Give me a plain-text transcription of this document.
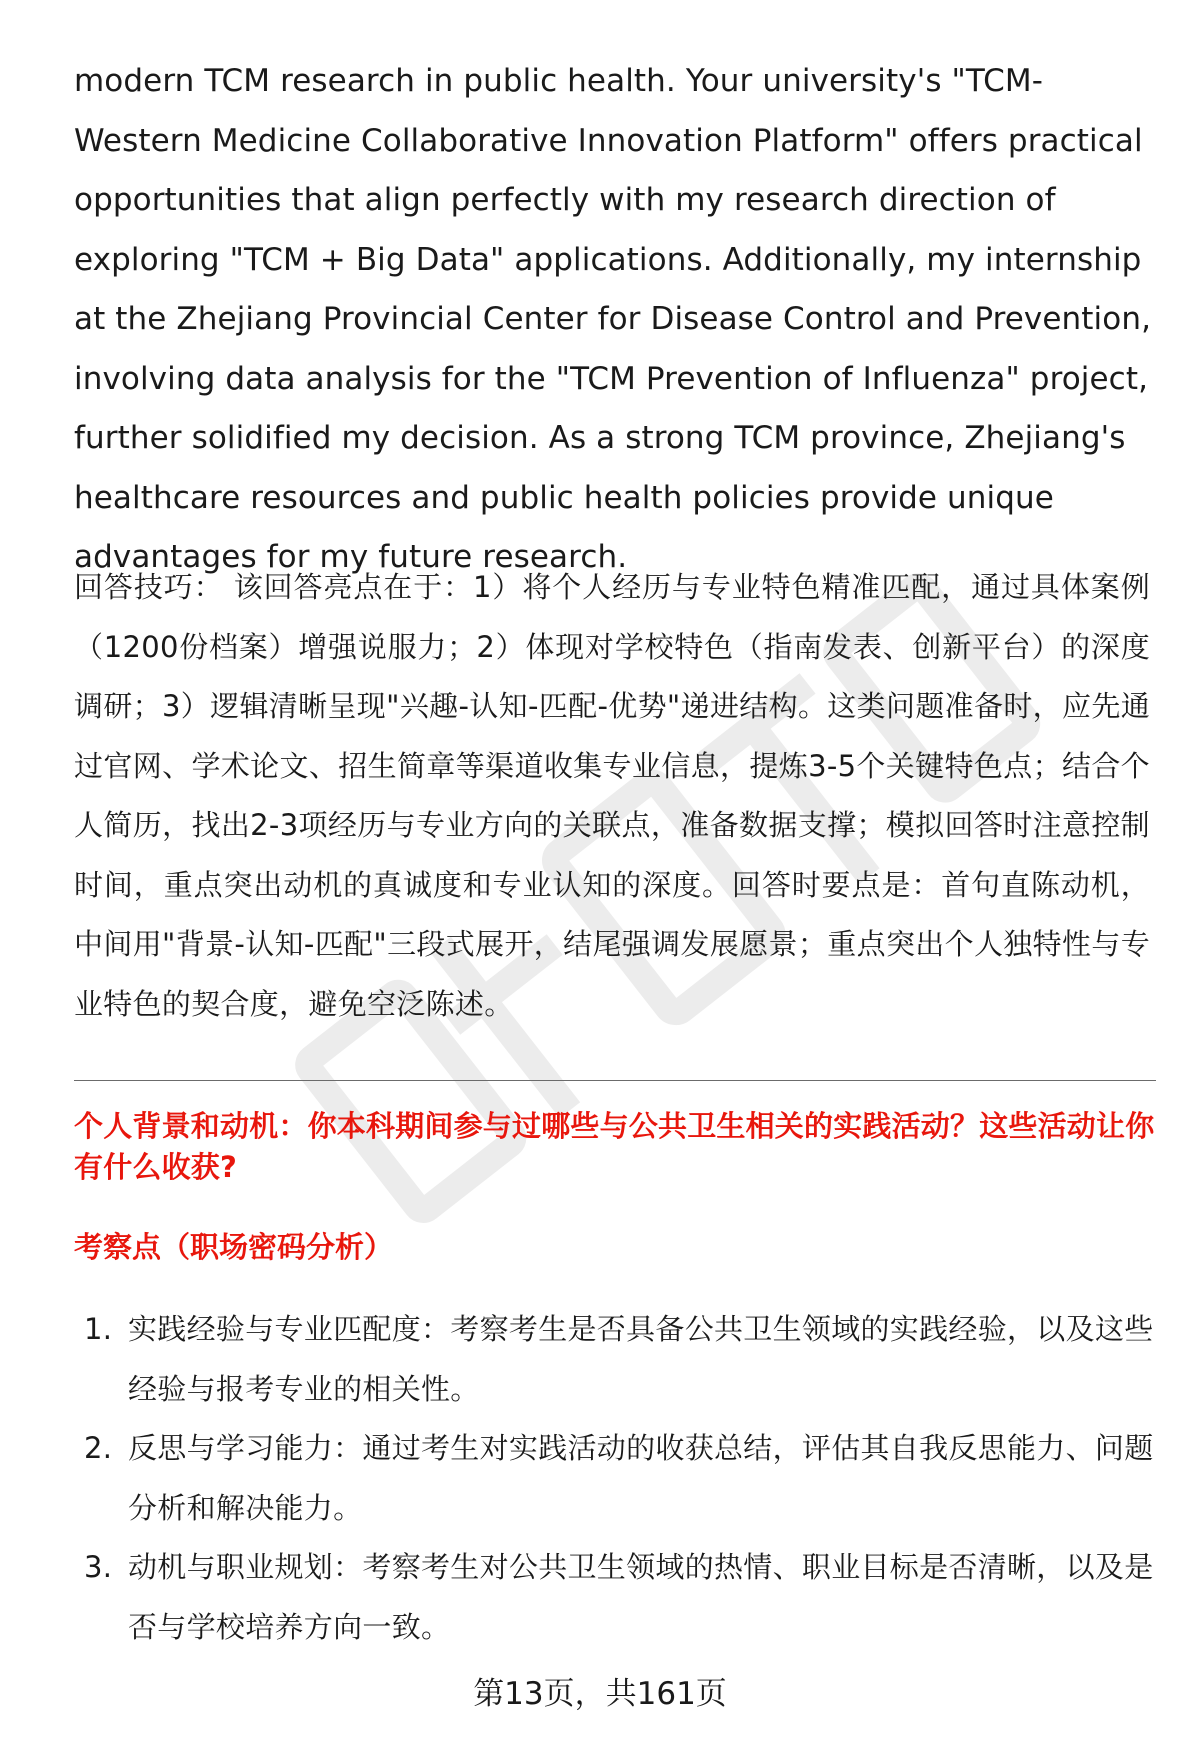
modern TCM research in public health. Your university's "TCM-Western Medicine Collaborative Innovation Platform" offers practical opportunities that align perfectly with my research direction of exploring "TCM + Big Data" applications. Additionally, my internship at the Zhejiang Provincial Center for Disease Control and Prevention, involving data analysis for the "TCM Prevention of Influenza" project, further solidified my decision. As a strong TCM province, Zhejiang's healthcare resources and public health policies provide unique advantages for my future research.

回答技巧： 该回答亮点在于：1）将个人经历与专业特色精准匹配，通过具体案例（1200份档案）增强说服力；2）体现对学校特色（指南发表、创新平台）的深度调研；3）逻辑清晰呈现"兴趣-认知-匹配-优势"递进结构。这类问题准备时，应先通过官网、学术论文、招生简章等渠道收集专业信息，提炼3-5个关键特色点；结合个人简历，找出2-3项经历与专业方向的关联点，准备数据支撑；模拟回答时注意控制时间，重点突出动机的真诚度和专业认知的深度。回答时要点是：首句直陈动机，中间用"背景-认知-匹配"三段式展开，结尾强调发展愿景；重点突出个人独特性与专业特色的契合度，避免空泛陈述。

个人背景和动机：你本科期间参与过哪些与公共卫生相关的实践活动？这些活动让你有什么收获?

考察点（职场密码分析）

1. 实践经验与专业匹配度：考察考生是否具备公共卫生领域的实践经验，以及这些经验与报考专业的相关性。
2. 反思与学习能力：通过考生对实践活动的收获总结，评估其自我反思能力、问题分析和解决能力。
3. 动机与职业规划：考察考生对公共卫生领域的热情、职业目标是否清晰，以及是否与学校培养方向一致。
第13页，共161页
